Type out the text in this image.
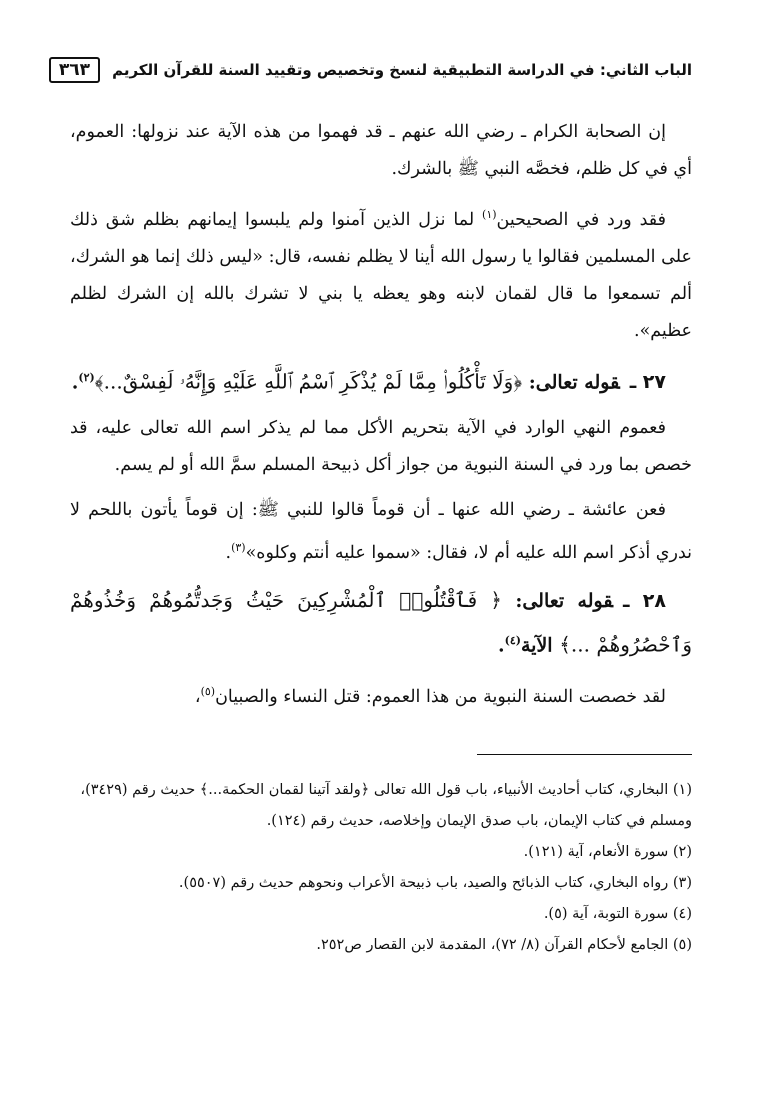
الباب الثاني: في الدراسة التطبيقية لنسخ وتخصيص وتقييد السنة للقرآن الكريم
٣٦٣

إن الصحابة الكرام ـ رضي الله عنهم ـ قد فهموا من هذه الآية عند نزولها: العموم، أي في كل ظلم، فخصَّه النبي ﷺ بالشرك.

فقد ورد في الصحيحين$^{(١)}$ لما نزل الذين آمنوا ولم يلبسوا إيمانهم بظلم شق ذلك على المسلمين فقالوا يا رسول الله أينا لا يظلم نفسه، قال: «ليس ذلك إنما هو الشرك، ألم تسمعوا ما قال لقمان لابنه وهو يعظه يا بني لا تشرك بالله إن الشرك لظلم عظيم».

٢٧ ـقوله تعالى: ﴿وَلَا تَأْكُلُوا۟ مِمَّا لَمْ يُذْكَرِ ٱسْمُ ٱللَّهِ عَلَيْهِ وَإِنَّهُۥ لَفِسْقٌ...﴾$^{(٢)}$.

فعموم النهي الوارد في الآية بتحريم الأكل مما لم يذكر اسم الله تعالى عليه، قد خصص بما ورد في السنة النبوية من جواز أكل ذبيحة المسلم سمَّ الله أو لم يسم.

فعن عائشة ـ رضي الله عنها ـ أن قوماً قالوا للنبي ﷺ: إن قوماً يأتون باللحم لا ندري أذكر اسم الله عليه أم لا، فقال: «سموا عليه أنتم وكلوه»$^{(٣)}$.

٢٨ ـقوله تعالى: ﴿ فَٱقْتُلُوا۟ ٱلْمُشْرِكِينَ حَيْثُ وَجَدتُّمُوهُمْ وَخُذُوهُمْ وَٱحْصُرُوهُمْ ...﴾ الآية$^{(٤)}$.

لقد خصصت السنة النبوية من هذا العموم: قتل النساء والصبيان$^{(٥)}$،

(١) البخاري، كتاب أحاديث الأنبياء، باب قول الله تعالى ﴿ولقد آتينا لقمان الحكمة...﴾ حديث رقم (٣٤٢٩)، ومسلم في كتاب الإيمان، باب صدق الإيمان وإخلاصه، حديث رقم (١٢٤).

(٢) سورة الأنعام، آية (١٢١).

(٣) رواه البخاري، كتاب الذبائح والصيد، باب ذبيحة الأعراب ونحوهم حديث رقم (٥٥٠٧).

(٤) سورة التوبة، آية (٥).

(٥) الجامع لأحكام القرآن (٨/ ٧٢)، المقدمة لابن القصار ص٢٥٢.
